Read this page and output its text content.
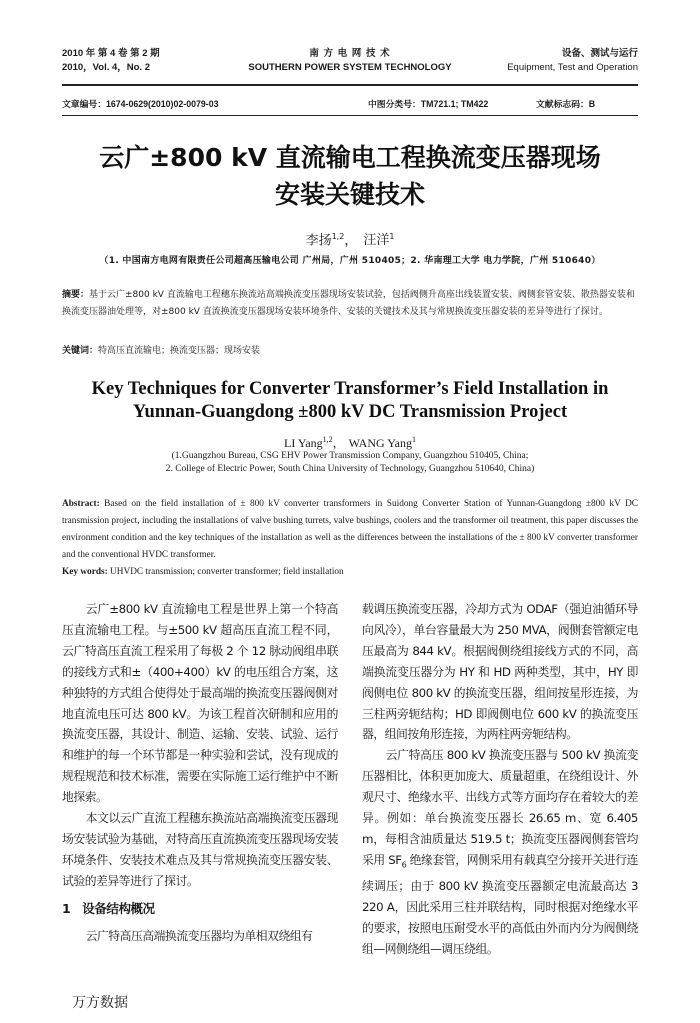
2010 年 第 4 卷 第 2 期
2010，Vol. 4，No. 2
南 方 电 网 技 术
SOUTHERN POWER SYSTEM TECHNOLOGY
设备、测试与运行
Equipment, Test and Operation
文章编号：1674-0629(2010)02-0079-03	中图分类号：TM721.1; TM422	文献标志码：B
云广±800 kV 直流输电工程换流变压器现场
安装关键技术
李扬$^{1,2}$， 汪洋$^1$
（1. 中国南方电网有限责任公司超高压输电公司 广州局，广州 510405；2. 华南理工大学 电力学院，广州 510640）
摘要：基于云广±800 kV 直流输电工程穗东换流站高端换流变压器现场安装试验，包括阀侧升高座出线装置安装、阀侧套管安装、散热器安装和换流变压器油处理等，对±800 kV 直流换流变压器现场安装环境条件、安装的关键技术及其与常规换流变压器安装的差异等进行了探讨。
关键词：特高压直流输电；换流变压器；现场安装
Key Techniques for Converter Transformer’s Field Installation in
Yunnan-Guangdong ±800 kV DC Transmission Project
LI Yang$^{1,2}$， WANG Yang$^1$
(1.Guangzhou Bureau, CSG EHV Power Transmission Company, Guangzhou 510405, China;
2. College of Electric Power, South China University of Technology, Guangzhou 510640, China)
Abstract: Based on the field installation of ± 800 kV converter transformers in Suidong Converter Station of Yunnan-Guangdong ±800 kV DC transmission project, including the installations of valve bushing turrets, valve bushings, coolers and the transformer oil treatment, this paper discusses the environment condition and the key techniques of the installation as well as the differences between the installations of the ± 800 kV converter transformer and the conventional HVDC transformer.
Key words: UHVDC transmission; converter transformer; field installation

云广±800 kV 直流输电工程是世界上第一个特高压直流输电工程。与±500 kV 超高压直流工程不同，云广特高压直流工程采用了每极 2 个 12 脉动阀组串联的接线方式和±（400+400）kV 的电压组合方案，这种独特的方式组合使得处于最高端的换流变压器阀侧对地直流电压可达 800 kV。为该工程首次研制和应用的换流变压器，其设计、制造、运输、安装、试验、运行和维护的每一个环节都是一种实验和尝试，没有现成的规程规范和技术标准，需要在实际施工运行维护中不断地探索。

本文以云广直流工程穗东换流站高端换流变压器现场安装试验为基础，对特高压直流换流变压器现场安装环境条件、安装技术难点及其与常规换流变压器安装、试验的差异等进行了探讨。

1　设备结构概况

云广特高压高端换流变压器均为单相双绕组有

载调压换流变压器，冷却方式为 ODAF（强迫油循环导向风冷），单台容量最大为 250 MVA，阀侧套管额定电压最高为 844 kV。根据阀侧绕组接线方式的不同，高端换流变压器分为 HY 和 HD 两种类型，其中，HY 即阀侧电位 800 kV 的换流变压器，组间按星形连接，为三柱两旁轭结构；HD 即阀侧电位 600 kV 的换流变压器，组间按角形连接，为两柱两旁轭结构。

云广特高压 800 kV 换流变压器与 500 kV 换流变压器相比，体积更加庞大、质量超重，在绕组设计、外观尺寸、绝缘水平、出线方式等方面均存在着较大的差异。例如：单台换流变压器长 26.65 m、宽 6.405 m，每相含油质量达 519.5 t；换流变压器阀侧套管均采用 $SF_6$ 绝缘套管，网侧采用有载真空分接开关进行连续调压；由于 800 kV 换流变压器额定电流最高达 3 220 A，因此采用三柱并联结构，同时根据对绝缘水平的要求，按照电压耐受水平的高低由外而内分为阀侧绕组—网侧绕组—调压绕组。

万方数据
